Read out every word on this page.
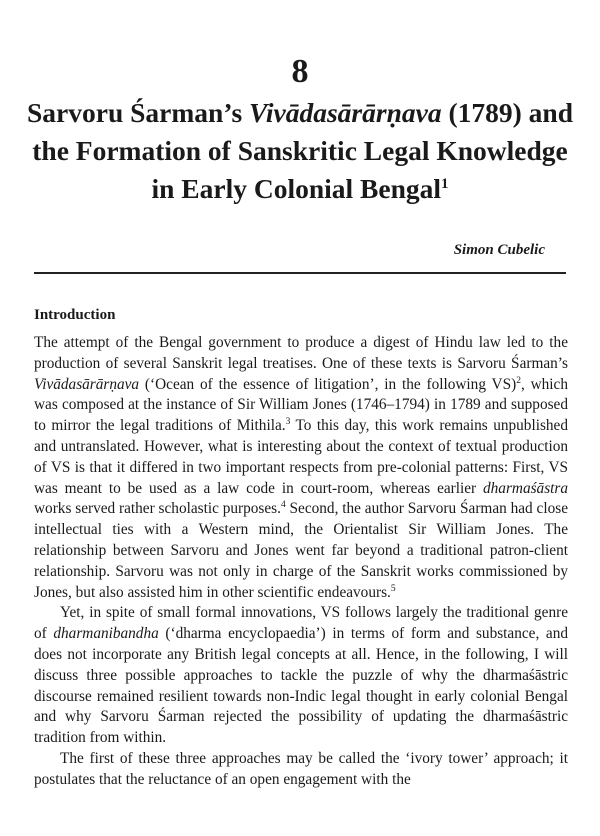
8
Sarvoru Śarman’s Vivādasārārṇava (1789) and the Formation of Sanskritic Legal Knowledge in Early Colonial Bengal$^1$
Simon Cubelic
Introduction

The attempt of the Bengal government to produce a digest of Hindu law led to the production of several Sanskrit legal treatises. One of these texts is Sarvoru Śarman’s Vivādasārārṇava (‘Ocean of the essence of litigation’, in the following VS)$^2$, which was composed at the instance of Sir William Jones (1746–1794) in 1789 and supposed to mirror the legal traditions of Mithila.$^3$ To this day, this work remains unpublished and untranslated. However, what is interesting about the context of textual production of VS is that it differed in two important respects from pre-colonial patterns: First, VS was meant to be used as a law code in court-room, whereas earlier dharmaśāstra works served rather scholastic purposes.$^4$ Second, the author Sarvoru Śarman had close intellectual ties with a Western mind, the Orientalist Sir William Jones. The relationship between Sarvoru and Jones went far beyond a traditional patron-client relationship. Sarvoru was not only in charge of the Sanskrit works commissioned by Jones, but also assisted him in other scientific endeavours.$^5$

Yet, in spite of small formal innovations, VS follows largely the traditional genre of dharmanibandha (‘dharma encyclopaedia’) in terms of form and substance, and does not incorporate any British legal concepts at all. Hence, in the following, I will discuss three possible approaches to tackle the puzzle of why the dharmaśāstric discourse remained resilient towards non-Indic legal thought in early colonial Bengal and why Sarvoru Śarman rejected the possibility of updating the dharmaśāstric tradition from within.

The first of these three approaches may be called the ‘ivory tower’ approach; it postulates that the reluctance of an open engagement with the
